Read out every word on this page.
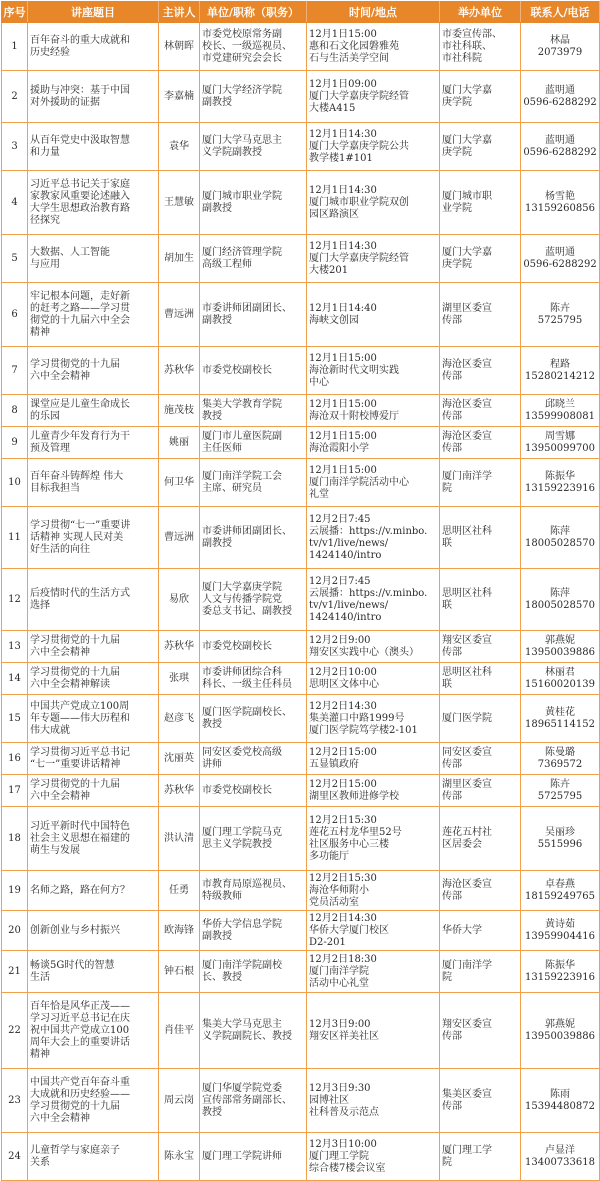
序号	讲座题目	主讲人	单位/职称（职务）	时间/地点	举办单位	联系人/电话
1	百年奋斗的重大成就和
历史经验	林朝晖	市委党校原常务副
校长、一级巡视员、
市党建研究会会长	12月1日15:00
惠和石文化园磐雅苑
石与生活美学空间	市委宣传部、
市社科联、
市社科院	林晶
2073979
2	援助与冲突：基于中国
对外援助的证据	李嘉楠	厦门大学经济学院
副教授	12月1日09:00
厦门大学嘉庚学院经管
大楼A415	厦门大学嘉
庚学院	蓝明通
0596-6288292
3	从百年党史中汲取智慧
和力量	袁华	厦门大学马克思主
义学院副教授	12月1日14:30
厦门大学嘉庚学院公共
教学楼1#101	厦门大学嘉
庚学院	蓝明通
0596-6288292
4	习近平总书记关于家庭
家教家风重要论述融入
大学生思想政治教育路
径探究	王慧敏	厦门城市职业学院
副教授	12月1日14:30
厦门城市职业学院双创
园区路演区	厦门城市职
业学院	杨雪艳
13159260856
5	大数据、人工智能
与应用	胡加生	厦门经济管理学院
高级工程师	12月1日14:30
厦门大学嘉庚学院经管
大楼201	厦门大学嘉
庚学院	蓝明通
0596-6288292
6	牢记根本问题，走好新
的赶考之路——学习贯
彻党的十九届六中全会
精神	曹远洲	市委讲师团副团长、
副教授	12月1日14:40
海峡文创园	湖里区委宣
传部	陈卉
5725795
7	学习贯彻党的十九届
六中全会精神	苏秋华	市委党校副校长	12月1日15:00
海沧新时代文明实践
中心	海沧区委宣
传部	程路
15280214212
8	课堂应是儿童生命成长
的乐园	施茂枝	集美大学教育学院
教授	12月1日15:00
海沧双十附校博爱厅	海沧区委宣
传部	邱晓兰
13599908081
9	儿童青少年发育行为干
预及管理	姚丽	厦门市儿童医院副
主任医师	12月1日15:00
海沧霞阳小学	海沧区委宣
传部	周雪娜
13950099700
10	百年奋斗铸辉煌 伟大
目标我担当	何卫华	厦门南洋学院工会
主席、研究员	12月1日15:00
厦门南洋学院活动中心
礼堂	厦门南洋学
院	陈振华
13159223916
11	学习贯彻“七一”重要讲
话精神 实现人民对美
好生活的向往	曹远洲	市委讲师团副团长、
副教授	12月2日7:45
云展播：https://v.minbo.
tv/v1/live/news/
1424140/intro	思明区社科
联	陈萍
18005028570
12	后疫情时代的生活方式
选择	易欣	厦门大学嘉庚学院
人文与传播学院党
委总支书记、副教授	12月2日7:45
云展播：https://v.minbo.
tv/v1/live/news/
1424140/intro	思明区社科
联	陈萍
18005028570
13	学习贯彻党的十九届
六中全会精神	苏秋华	市委党校副校长	12月2日9:00
翔安区实践中心（澳头）	翔安区委宣
传部	郭燕妮
13950039886
14	学习贯彻党的十九届
六中全会精神解读	张琪	市委讲师团综合科
科长、一级主任科员	12月2日10:00
思明区文体中心	思明区社科
联	林丽君
15160020139
15	中国共产党成立100周
年专题——伟大历程和
伟大成就	赵彦飞	厦门医学院副校长、
教授	12月2日14:30
集美灌口中路1999号
厦门医学院笃学楼2-101	厦门医学院	黄桂花
18965114152
16	学习贯彻习近平总书记
“七一”重要讲话精神	沈丽英	同安区委党校高级
讲师	12月2日15:00
五显镇政府	同安区委宣
传部	陈曼璐
7369572
17	学习贯彻党的十九届
六中全会精神	苏秋华	市委党校副校长	12月2日15:00
湖里区教师进修学校	湖里区委宣
传部	陈卉
5725795
18	习近平新时代中国特色
社会主义思想在福建的
萌生与发展	洪认清	厦门理工学院马克
思主义学院教授	12月2日15:30
莲花五村龙华里52号
社区服务中心三楼
多功能厅	莲花五村社
区居委会	吴丽珍
5515996
19	名师之路，路在何方？	任勇	市教育局原巡视员、
特级教师	12月2日15:30
海沧华师附小
党员活动室	海沧区委宣
传部	卓春燕
18159249765
20	创新创业与乡村振兴	欧海锋	华侨大学信息学院
副教授	12月2日14:30
华侨大学厦门校区
D2-201	华侨大学	黄诗茹
13959904416
21	畅谈5G时代的智慧
生活	钟石根	厦门南洋学院副校
长、教授	12月2日18:30
厦门南洋学院
活动中心礼堂	厦门南洋学
院	陈振华
13159223916
22	百年恰是风华正茂——
学习习近平总书记在庆
祝中国共产党成立100
周年大会上的重要讲话
精神	肖佳平	集美大学马克思主
义学院副院长、教授	12月3日9:00
翔安区祥美社区	翔安区委宣
传部	郭燕妮
13950039886
23	中国共产党百年奋斗重
大成就和历史经验——
学习贯彻党的十九届
六中全会精神	周云岗	厦门华厦学院党委
宣传部常务副部长、
教授	12月3日9:30
园博社区
社科普及示范点	集美区委宣
传部	陈雨
15394480872
24	儿童哲学与家庭亲子
关系	陈永宝	厦门理工学院讲师	12月3日10:00
厦门理工学院
综合楼7楼会议室	厦门理工学
院	卢显洋
13400733618
